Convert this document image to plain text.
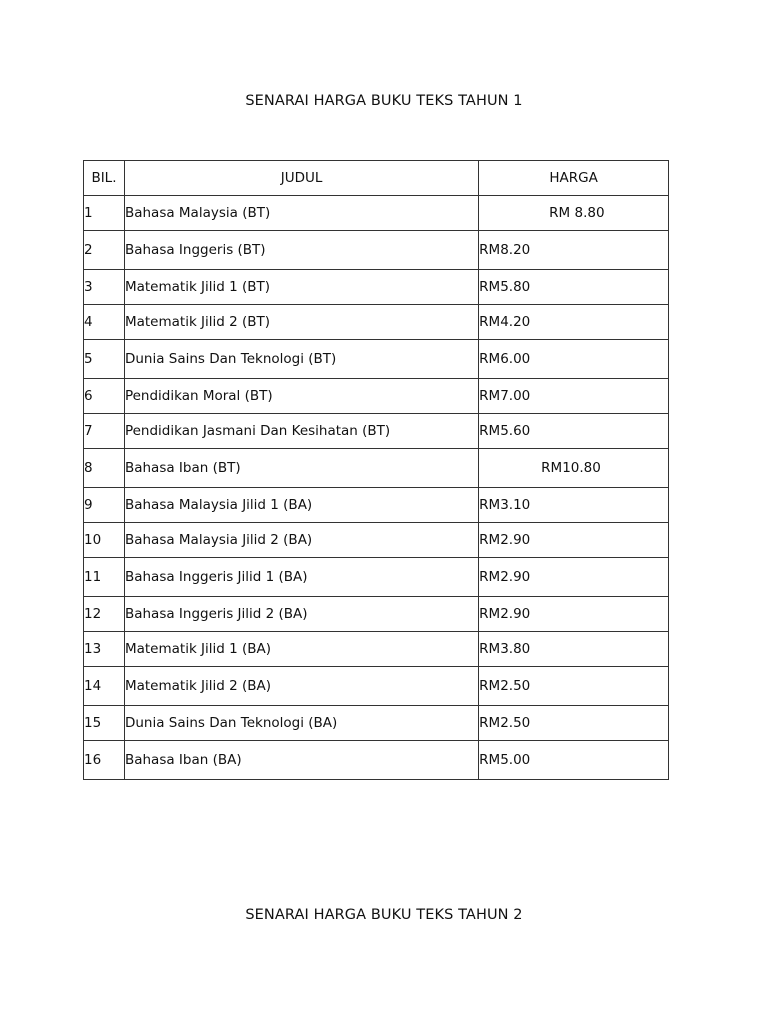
SENARAI HARGA BUKU TEKS TAHUN 1
BIL.	JUDUL	HARGA
1	Bahasa Malaysia (BT)	RM 8.80
2	Bahasa Inggeris (BT)	RM8.20
3	Matematik Jilid 1 (BT)	RM5.80
4	Matematik Jilid 2 (BT)	RM4.20
5	Dunia Sains Dan Teknologi (BT)	RM6.00
6	Pendidikan Moral (BT)	RM7.00
7	Pendidikan Jasmani Dan Kesihatan (BT)	RM5.60
8	Bahasa Iban (BT)	RM10.80
9	Bahasa Malaysia Jilid 1 (BA)	RM3.10
10	Bahasa Malaysia Jilid 2 (BA)	RM2.90
11	Bahasa Inggeris Jilid 1 (BA)	RM2.90
12	Bahasa Inggeris Jilid 2 (BA)	RM2.90
13	Matematik Jilid 1 (BA)	RM3.80
14	Matematik Jilid 2 (BA)	RM2.50
15	Dunia Sains Dan Teknologi (BA)	RM2.50
16	Bahasa Iban (BA)	RM5.00
SENARAI HARGA BUKU TEKS TAHUN 2
